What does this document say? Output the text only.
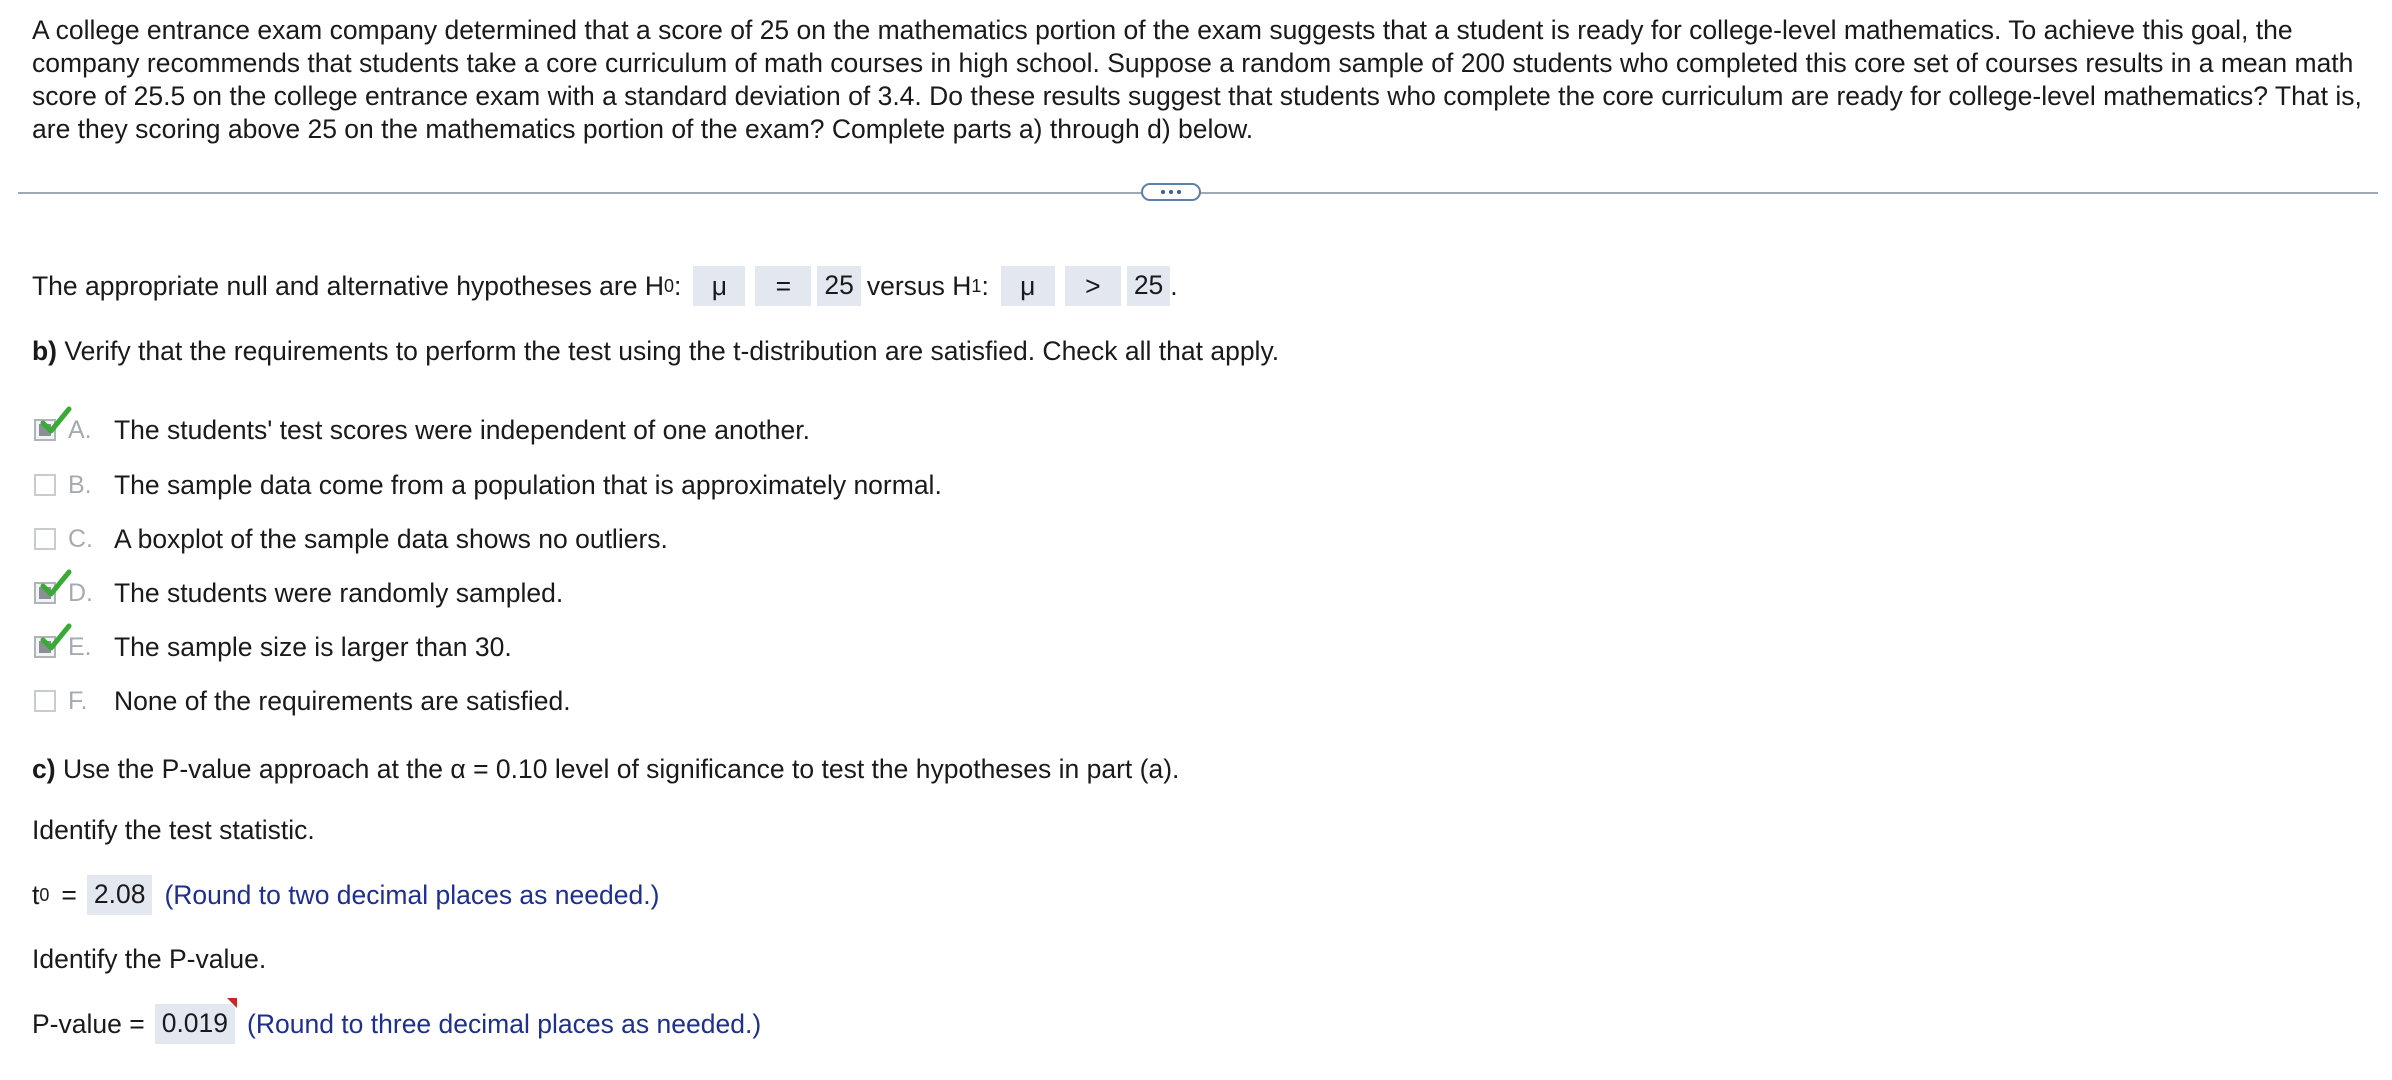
A college entrance exam company determined that a score of 25 on the mathematics portion of the exam suggests that a student is ready for college-level mathematics. To achieve this goal, the company recommends that students take a core curriculum of math courses in high school. Suppose a random sample of 200 students who completed this core set of courses results in a mean math score of 25.5 on the college entrance exam with a standard deviation of 3.4. Do these results suggest that students who complete the core curriculum are ready for college-level mathematics? That is, are they scoring above 25 on the mathematics portion of the exam? Complete parts a) through d) below.
The appropriate null and alternative hypotheses are H 0 :	μ	=	25 versus H 1 :	μ	>	25 .
b) Verify that the requirements to perform the test using the t-distribution are satisfied. Check all that apply.
A. The students' test scores were independent of one another.
B. The sample data come from a population that is approximately normal.
C. A boxplot of the sample data shows no outliers.
D. The students were randomly sampled.
E. The sample size is larger than 30.
F.	None of the requirements are satisfied.
c) Use the P-value approach at the α = 0.10 level of significance to test the hypotheses in part (a).
Identify the test statistic.
t 0 = 2.08 (Round to two decimal places as needed.)
Identify the P-value.
P-value = 0.019 (Round to three decimal places as needed.)
